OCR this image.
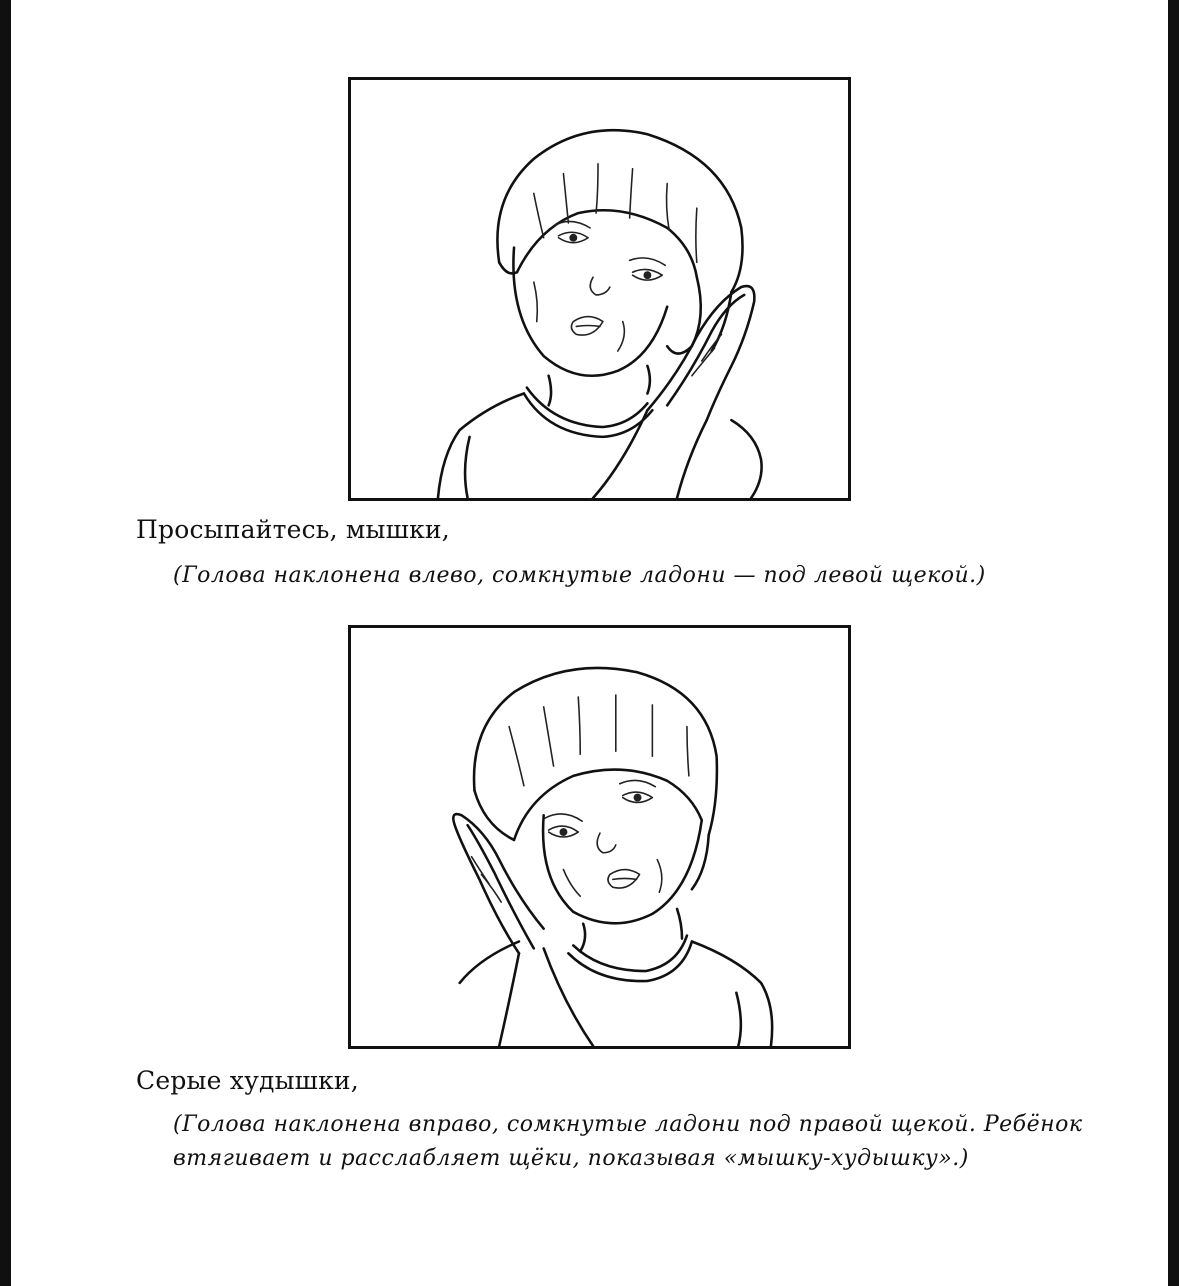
Просыпайтесь, мышки,
(Голова наклонена влево, сомкнутые ладони — под левой щекой.)
Серые худышки,
(Голова наклонена вправо, сомкнутые ладони под правой щекой. Ребёнок втягивает и расслабляет щёки, показывая «мышку-худышку».)
